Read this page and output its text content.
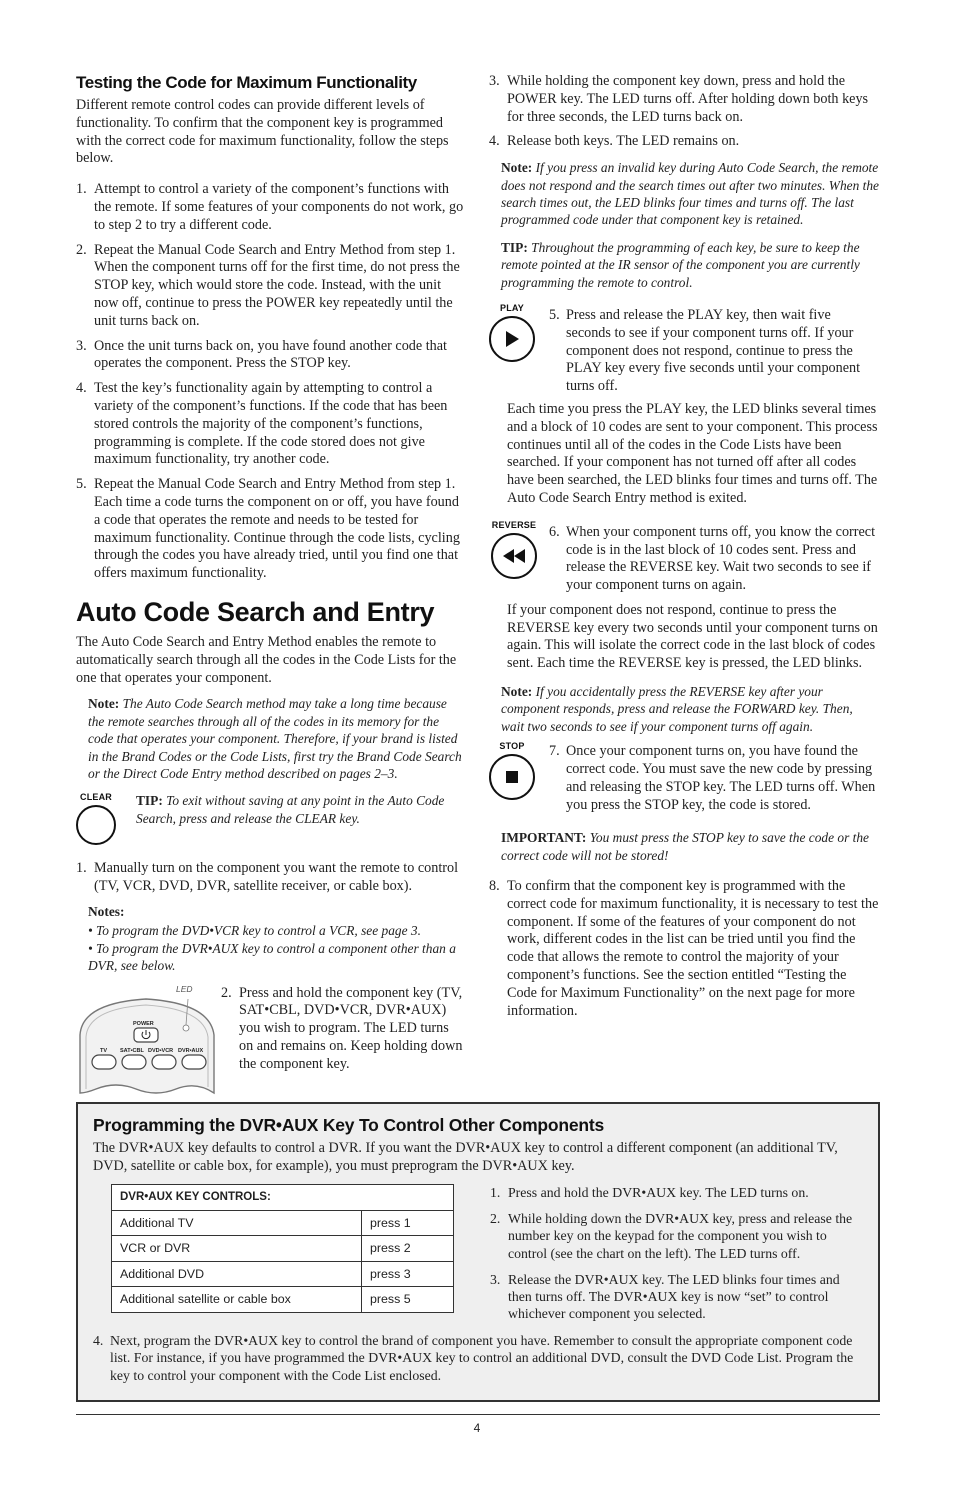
Testing the Code for Maximum Functionality

Different remote control codes can provide different levels of functionality. To confirm that the component key is programmed with the correct code for maximum functionality, follow the steps below.

1. Attempt to control a variety of the component’s functions with the remote. If some features of your components do not work, go to step 2 to try a different code.
2. Repeat the Manual Code Search and Entry Method from step 1. When the component turns off for the first time, do not press the STOP key, which would store the code. Instead, with the unit now off, continue to press the POWER key repeatedly until the unit turns back on.
3. Once the unit turns back on, you have found another code that operates the component. Press the STOP key.
4. Test the key’s functionality again by attempting to control a variety of the component’s functions. If the code that has been stored controls the majority of the component’s functions, programming is complete. If the code stored does not give maximum functionality, try another code.
5. Repeat the Manual Code Search and Entry Method from step 1. Each time a code turns the component on or off, you have found a code that operates the remote and needs to be tested for maximum functionality. Continue through the code lists, cycling through the codes you have already tried, until you find one that offers maximum functionality.
Auto Code Search and Entry

The Auto Code Search and Entry Method enables the remote to automatically search through all the codes in the Code Lists for the one that operates your component.

Note: The Auto Code Search method may take a long time because the remote searches through all of the codes in its memory for the code that operates your component. Therefore, if your brand is listed in the Brand Codes or the Code Lists, first try the Brand Code Search or the Direct Code Entry method described on pages 2–3.

CLEAR TIP: To exit without saving at any point in the Auto Code Search, press and release the CLEAR key.

1. Manually turn on the component you want the remote to control (TV, VCR, DVD, DVR, satellite receiver, or cable box).
Notes:
• To program the DVD•VCR key to control a VCR, see page 3.
• To program the DVR•AUX key to control a component other than a DVR, see below.
LED
POWER
TV SAT•CBL DVD•VCR DVR•AUX
2. Press and hold the component key (TV, SAT•CBL, DVD•VCR, DVR•AUX) you wish to program. The LED turns on and remains on. Keep holding down the component key.
3. While holding the component key down, press and hold the POWER key. The LED turns off. After holding down both keys for three seconds, the LED turns back on.
4. Release both keys. The LED remains on.

Note: If you press an invalid key during Auto Code Search, the remote does not respond and the search times out after two minutes. When the search times out, the LED blinks four times and turns off. The last programmed code under that component key is retained.

TIP: Throughout the programming of each key, be sure to keep the remote pointed at the IR sensor of the component you are currently programming the remote to control.

PLAY	5. Press and release the PLAY key, then wait five seconds to see if your component turns off. If your component does not respond, continue to press the PLAY key every five seconds until your component turns off.

Each time you press the PLAY key, the LED blinks several times and a block of 10 codes are sent to your component. This process continues until all of the codes in the Code Lists have been searched. If your component has not turned off after all codes have been searched, the LED blinks four times and turns off. The Auto Code Search Entry method is exited.

REVERSE 6. When your component turns off, you know the correct code is in the last block of 10 codes sent. Press and release the REVERSE key. Wait two seconds to see if your component turns on again.

If your component does not respond, continue to press the REVERSE key every two seconds until your component turns on again. This will isolate the correct code in the last block of codes sent. Each time the REVERSE key is pressed, the LED blinks.

Note: If you accidentally press the REVERSE key after your component responds, press and release the FORWARD key. Then, wait two seconds to see if your component turns off again.

STOP	7. Once your component turns on, you have found the correct code. You must save the new code by pressing and releasing the STOP key. The LED turns off. When you press the STOP key, the code is stored.

IMPORTANT: You must press the STOP key to save the code or the correct code will not be stored!

8. To confirm that the component key is programmed with the correct code for maximum functionality, it is necessary to test the component. If some of the features of your component do not work, different codes in the list can be tried until you find the code that allows the remote to control the majority of your component’s functions. See the section entitled “Testing the Code for Maximum Functionality” on the next page for more information.
Programming the DVR•AUX Key To Control Other Components

The DVR•AUX key defaults to control a DVR. If you want the DVR•AUX key to control a different component (an additional TV, DVD, satellite or cable box, for example), you must preprogram the DVR•AUX key.

DVR•AUX KEY CONTROLS:	
Additional TV	press 1
VCR or DVR	press 2
Additional DVD	press 3
Additional satellite or cable box	press 5
1. Press and hold the DVR•AUX key. The LED turns on.
2. While holding down the DVR•AUX key, press and release the number key on the keypad for the component you wish to control (see the chart on the left). The LED turns off.
3. Release the DVR•AUX key. The LED blinks four times and then turns off. The DVR•AUX key is now “set” to control whichever component you selected.
4. Next, program the DVR•AUX key to control the brand of component you have. Remember to consult the appropriate component code list. For instance, if you have programmed the DVR•AUX key to control an additional DVD, consult the DVD Code List. Program the key to control your component with the Code List enclosed.
4
